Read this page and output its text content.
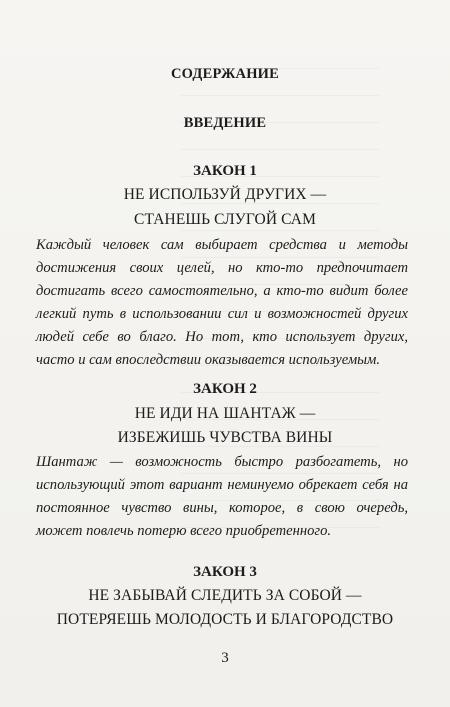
СОДЕРЖАНИЕ
ВВЕДЕНИЕ
ЗАКОН 1
НЕ ИСПОЛЬЗУЙ ДРУГИХ —
СТАНЕШЬ СЛУГОЙ САМ
Каждый человек сам выбирает средства и методы достижения своих целей, но кто-то предпочитает достигать всего самостоятельно, а кто-то видит более легкий путь в использовании сил и возможностей других людей себе во благо. Но тот, кто использует других, часто и сам впоследствии оказывается используемым.
ЗАКОН 2
НЕ ИДИ НА ШАНТАЖ —
ИЗБЕЖИШЬ ЧУВСТВА ВИНЫ
Шантаж — возможность быстро разбогатеть, но использующий этот вариант неминуемо обрекает себя на постоянное чувство вины, которое, в свою очередь, может повлечь потерю всего приобретенного.
ЗАКОН 3
НЕ ЗАБЫВАЙ СЛЕДИТЬ ЗА СОБОЙ —
ПОТЕРЯЕШЬ МОЛОДОСТЬ И БЛАГОРОДСТВО
3
